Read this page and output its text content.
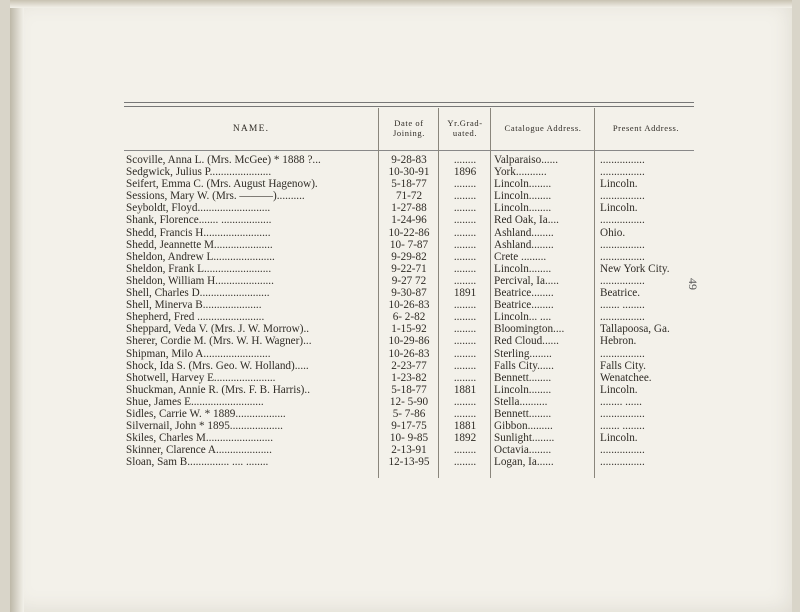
49
NAME.
Date of Joining.
Yr.Grad-uated.	Catalogue Address.	Present Address.
Scoville, Anna L. (Mrs. McGee) * 1888 ?...	9-28-83	........	Valparaiso......	................
Sedgwick, Julius P......................	10-30-91	1896	York...........	................
Seifert, Emma C. (Mrs. August Hagenow).	5-18-77	........	Lincoln........	Lincoln.
Sessions, Mary W. (Mrs. ———)..........	71-72	........	Lincoln........	................
Seyboldt, Floyd..........................	1-27-88	........	Lincoln........	Lincoln.
Shank, Florence....... ..................	1-24-96	........	Red Oak, Ia....	................
Shedd, Francis H........................	10-22-86	........	Ashland........	Ohio.
Shedd, Jeannette M.....................	10- 7-87	........	Ashland........	................
Sheldon, Andrew L......................	9-29-82	........	Crete .........	................
Sheldon, Frank L........................	9-22-71	........	Lincoln........	New York City.
Sheldon, William H.....................	9-27 72	........	Percival, Ia.....	................
Shell, Charles D.........................	9-30-87	1891	Beatrice........	Beatrice.
Shell, Minerva B.....................	10-26-83	........	Beatrice........	....... ........
Shepherd, Fred ........................	6- 2-82	........	Lincoln... ....	................
Sheppard, Veda V. (Mrs. J. W. Morrow)..	1-15-92	........	Bloomington....	Tallapoosa, Ga.
Sherer, Cordie M. (Mrs. W. H. Wagner)...	10-29-86	........	Red Cloud......	Hebron.
Shipman, Milo A........................	10-26-83	........	Sterling........	................
Shock, Ida S. (Mrs. Geo. W. Holland).....	2-23-77	........	Falls City......	Falls City.
Shotwell, Harvey E......................	1-23-82	........	Bennett........	Wenatchee.
Shuckman, Annie R. (Mrs. F. B. Harris)..	5-18-77	1881	Lincoln........	Lincoln.
Shue, James E..........................	12- 5-90	........	Stella..........	........ ......
Sidles, Carrie W. * 1889..................	5- 7-86	........	Bennett........	................
Silvernail, John * 1895...................	9-17-75	1881	Gibbon.........	....... ........
Skiles, Charles M........................	10- 9-85	1892	Sunlight........	Lincoln.
Skinner, Clarence A....................	2-13-91	........	Octavia........	................
Sloan, Sam B............... .... ........	12-13-95	........	Logan, Ia......	................
